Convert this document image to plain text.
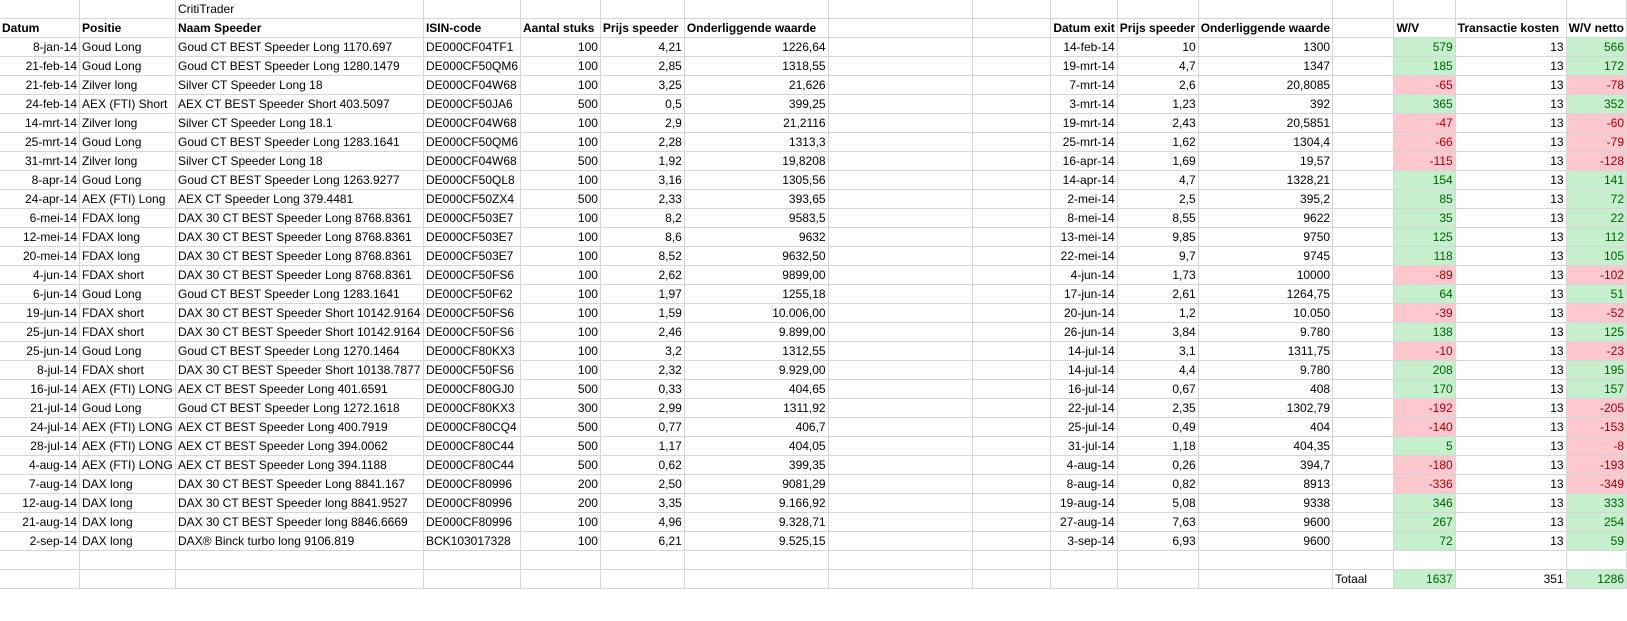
		CritiTrader													
Datum	Positie	Naam Speeder	ISIN-code	Aantal stuks	Prijs speeder	Onderliggende waarde			Datum exit	Prijs speeder	Onderliggende waarde		W/V	Transactie kosten	W/V netto
8-jan-14	Goud Long	Goud CT BEST Speeder Long 1170.697	DE000CF04TF1	100	4,21	1226,64			14-feb-14	10	1300		579	13	566
21-feb-14	Goud Long	Goud CT BEST Speeder Long 1280.1479	DE000CF50QM6	100	2,85	1318,55			19-mrt-14	4,7	1347		185	13	172
21-feb-14	Zilver long	Silver CT Speeder Long 18	DE000CF04W68	100	3,25	21,626			7-mrt-14	2,6	20,8085		-65	13	-78
24-feb-14	AEX (FTI) Short	AEX CT BEST Speeder Short 403.5097	DE000CF50JA6	500	0,5	399,25			3-mrt-14	1,23	392		365	13	352
14-mrt-14	Zilver long	Silver CT Speeder Long 18.1	DE000CF04W68	100	2,9	21,2116			19-mrt-14	2,43	20,5851		-47	13	-60
25-mrt-14	Goud Long	Goud CT BEST Speeder Long 1283.1641	DE000CF50QM6	100	2,28	1313,3			25-mrt-14	1,62	1304,4		-66	13	-79
31-mrt-14	Zilver long	Silver CT Speeder Long 18	DE000CF04W68	500	1,92	19,8208			16-apr-14	1,69	19,57		-115	13	-128
8-apr-14	Goud Long	Goud CT BEST Speeder Long 1263.9277	DE000CF50QL8	100	3,16	1305,56			14-apr-14	4,7	1328,21		154	13	141
24-apr-14	AEX (FTI) Long	AEX CT Speeder Long 379.4481	DE000CF50ZX4	500	2,33	393,65			2-mei-14	2,5	395,2		85	13	72
6-mei-14	FDAX long	DAX 30 CT BEST Speeder Long 8768.8361	DE000CF503E7	100	8,2	9583,5			8-mei-14	8,55	9622		35	13	22
12-mei-14	FDAX long	DAX 30 CT BEST Speeder Long 8768.8361	DE000CF503E7	100	8,6	9632			13-mei-14	9,85	9750		125	13	112
20-mei-14	FDAX long	DAX 30 CT BEST Speeder Long 8768.8361	DE000CF503E7	100	8,52	9632,50			22-mei-14	9,7	9745		118	13	105
4-jun-14	FDAX short	DAX 30 CT BEST Speeder Long 8768.8361	DE000CF50FS6	100	2,62	9899,00			4-jun-14	1,73	10000		-89	13	-102
6-jun-14	Goud Long	Goud CT BEST Speeder Long 1283.1641	DE000CF50F62	100	1,97	1255,18			17-jun-14	2,61	1264,75		64	13	51
19-jun-14	FDAX short	DAX 30 CT BEST Speeder Short 10142.9164	DE000CF50FS6	100	1,59	10.006,00			20-jun-14	1,2	10.050		-39	13	-52
25-jun-14	FDAX short	DAX 30 CT BEST Speeder Short 10142.9164	DE000CF50FS6	100	2,46	9.899,00			26-jun-14	3,84	9.780		138	13	125
25-jun-14	Goud Long	Goud CT BEST Speeder Long 1270.1464	DE000CF80KX3	100	3,2	1312,55			14-jul-14	3,1	1311,75		-10	13	-23
8-jul-14	FDAX short	DAX 30 CT BEST Speeder Short 10138.7877	DE000CF50FS6	100	2,32	9.929,00			14-jul-14	4,4	9.780		208	13	195
16-jul-14	AEX (FTI) LONG	AEX CT BEST Speeder Long 401.6591	DE000CF80GJ0	500	0,33	404,65			16-jul-14	0,67	408		170	13	157
21-jul-14	Goud Long	Goud CT BEST Speeder Long 1272.1618	DE000CF80KX3	300	2,99	1311,92			22-jul-14	2,35	1302,79		-192	13	-205
24-jul-14	AEX (FTI) LONG	AEX CT BEST Speeder Long 400.7919	DE000CF80CQ4	500	0,77	406,7			25-jul-14	0,49	404		-140	13	-153
28-jul-14	AEX (FTI) LONG	AEX CT BEST Speeder Long 394.0062	DE000CF80C44	500	1,17	404,05			31-jul-14	1,18	404,35		5	13	-8
4-aug-14	AEX (FTI) LONG	AEX CT BEST Speeder Long 394.1188	DE000CF80C44	500	0,62	399,35			4-aug-14	0,26	394,7		-180	13	-193
7-aug-14	DAX long	DAX 30 CT BEST Speeder Long 8841.167	DE000CF80996	200	2,50	9081,29			8-aug-14	0,82	8913		-336	13	-349
12-aug-14	DAX long	DAX 30 CT BEST Speeder long 8841.9527	DE000CF80996	200	3,35	9.166,92			19-aug-14	5,08	9338		346	13	333
21-aug-14	DAX long	DAX 30 CT BEST Speeder long 8846.6669	DE000CF80996	100	4,96	9.328,71			27-aug-14	7,63	9600		267	13	254
2-sep-14	DAX long	DAX® Binck turbo long 9106.819	BCK103017328	100	6,21	9.525,15			3-sep-14	6,93	9600		72	13	59

												Totaal	1637	351	1286
